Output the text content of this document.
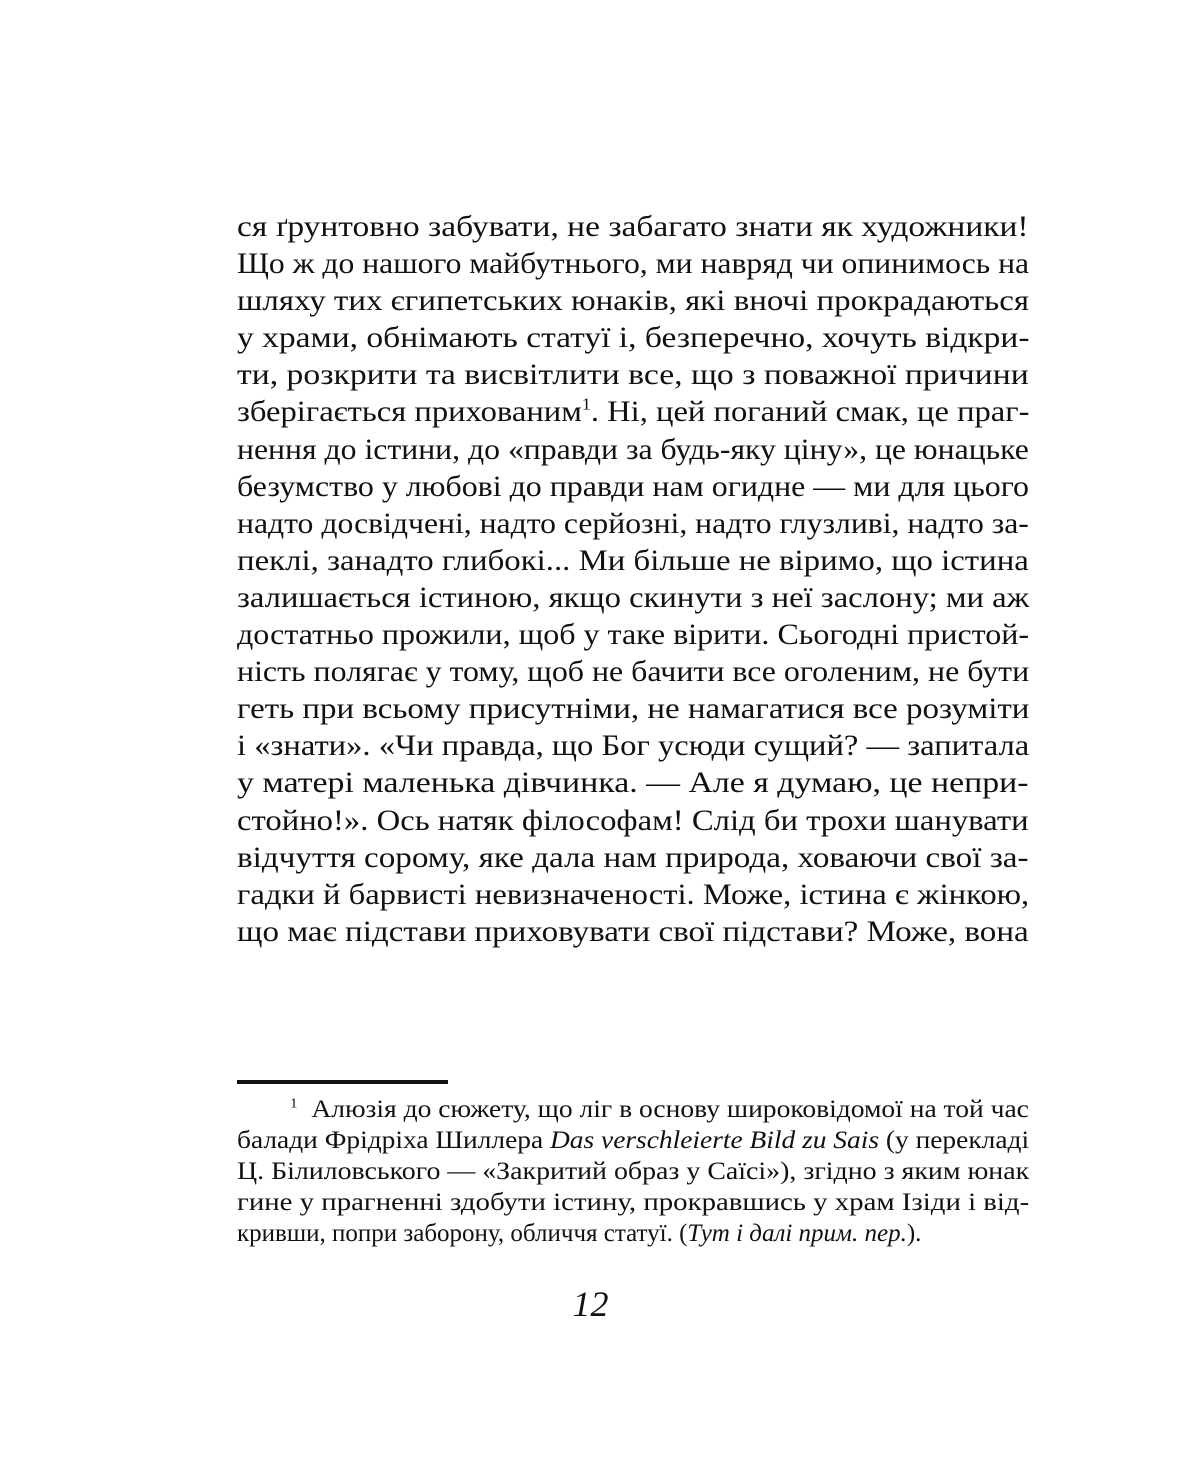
ся ґрунтовно забувати, не забагато знати як художники!
Що ж до нашого майбутнього, ми навряд чи опинимось на
шляху тих єгипетських юнаків, які вночі прокрадаються
у храми, обнімають статуї і, безперечно, хочуть відкри-
ти, розкрити та висвітлити все, що з поважної причини
зберігається прихованим$^1$. Ні, цей поганий смак, це праг-
нення до істини, до «правди за будь-яку ціну», це юнацьке
безумство у любові до правди нам огидне — ми для цього
надто досвідчені, надто серйозні, надто глузливі, надто за-
пеклі, занадто глибокі... Ми більше не віримо, що істина
залишається істиною, якщо скинути з неї заслону; ми аж
достатньо прожили, щоб у таке вірити. Сьогодні пристой-
ність полягає у тому, щоб не бачити все оголеним, не бути
геть при всьому присутніми, не намагатися все розуміти
і «знати». «Чи правда, що Бог усюди сущий? — запитала
у матері маленька дівчинка. — Але я думаю, це непри-
стойно!». Ось натяк філософам! Слід би трохи шанувати
відчуття сорому, яке дала нам природа, ховаючи свої за-
гадки й барвисті невизначеності. Може, істина є жінкою,
що має підстави приховувати свої підстави? Може, вона
$^1$ Алюзія до сюжету, що ліг в основу широковідомої на той час
балади Фрідріха Шиллера Das verschleierte Bild zu Sais (у перекладі
Ц. Білиловського — «Закритий образ у Саїсі»), згідно з яким юнак
гине у прагненні здобути істину, прокравшись у храм Ізіди і від-
кривши, попри заборону, обличчя статуї. (Тут і далі прим. пер.).
12
